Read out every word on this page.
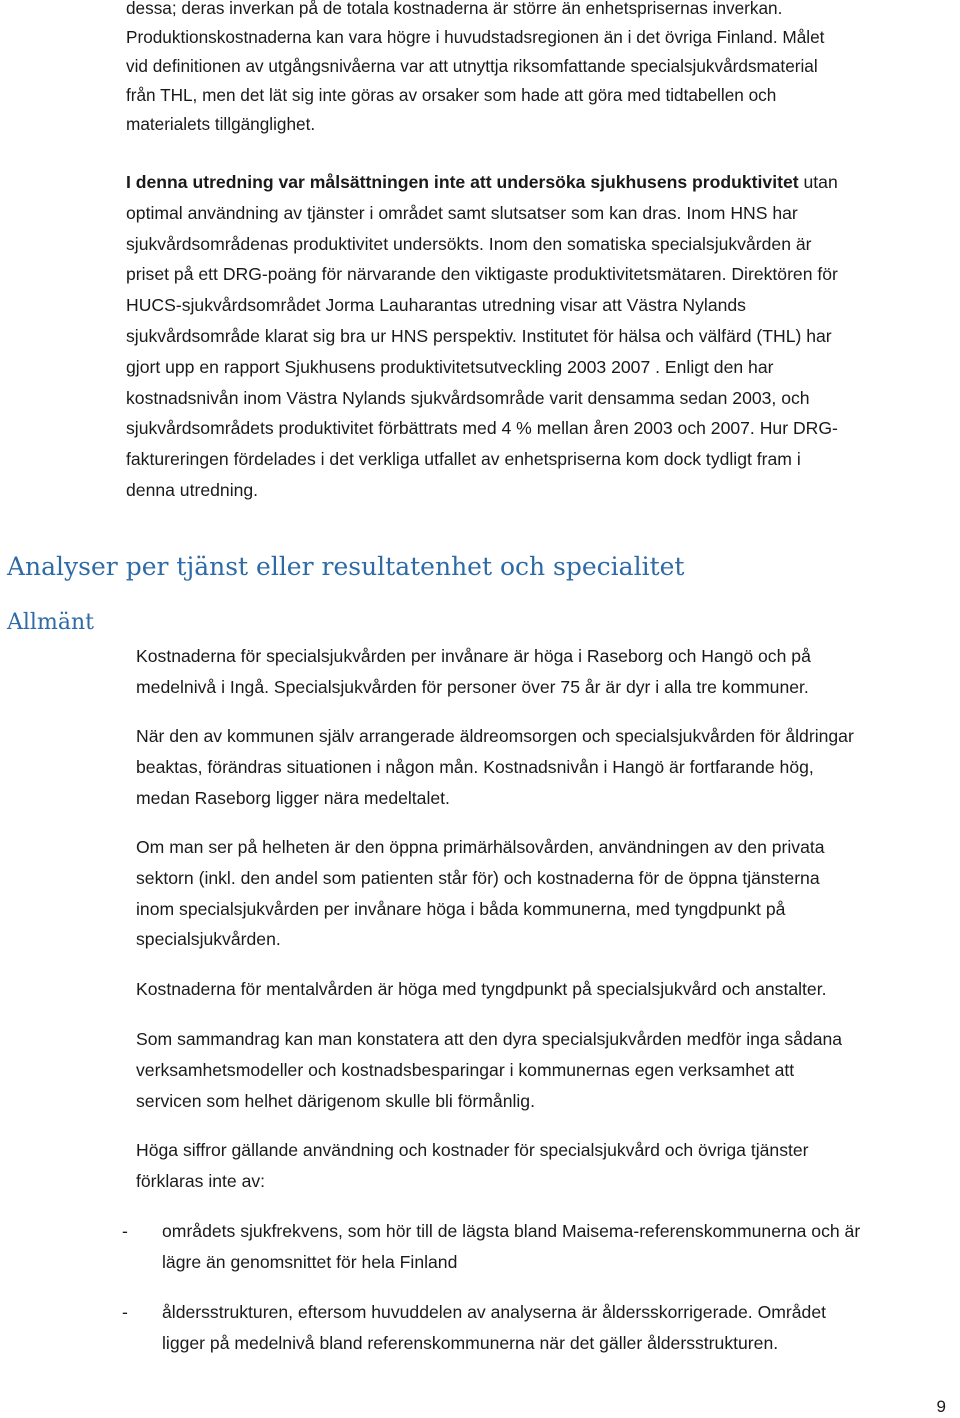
dessa; deras inverkan på de totala kostnaderna är större än enhetsprisernas inverkan.
Produktionskostnaderna kan vara högre i huvudstadsregionen än i det övriga Finland. Målet
vid definitionen av utgångsnivåerna var att utnyttja riksomfattande specialsjukvårdsmaterial
från THL, men det lät sig inte göras av orsaker som hade att göra med tidtabellen och
materialets tillgänglighet.

I denna utredning var målsättningen inte att undersöka sjukhusens produktivitet utan
optimal användning av tjänster i området samt slutsatser som kan dras. Inom HNS har
sjukvårdsområdenas produktivitet undersökts. Inom den somatiska specialsjukvården är
priset på ett DRG-poäng för närvarande den viktigaste produktivitetsmätaren. Direktören för
HUCS-sjukvårdsområdet Jorma Lauharantas utredning visar att Västra Nylands
sjukvårdsområde klarat sig bra ur HNS perspektiv. Institutet för hälsa och välfärd (THL) har
gjort upp en rapport Sjukhusens produktivitetsutveckling 2003 2007 . Enligt den har
kostnadsnivån inom Västra Nylands sjukvårdsområde varit densamma sedan 2003, och
sjukvårdsområdets produktivitet förbättrats med 4 % mellan åren 2003 och 2007. Hur DRG-
faktureringen fördelades i det verkliga utfallet av enhetspriserna kom dock tydligt fram i
denna utredning.

Analyser per tjänst eller resultatenhet och specialitet
Allmänt

Kostnaderna för specialsjukvården per invånare är höga i Raseborg och Hangö och på
medelnivå i Ingå. Specialsjukvården för personer över 75 år är dyr i alla tre kommuner.

När den av kommunen själv arrangerade äldreomsorgen och specialsjukvården för åldringar
beaktas, förändras situationen i någon mån. Kostnadsnivån i Hangö är fortfarande hög,
medan Raseborg ligger nära medeltalet.

Om man ser på helheten är den öppna primärhälsovården, användningen av den privata
sektorn (inkl. den andel som patienten står för) och kostnaderna för de öppna tjänsterna
inom specialsjukvården per invånare höga i båda kommunerna, med tyngdpunkt på
specialsjukvården.

Kostnaderna för mentalvården är höga med tyngdpunkt på specialsjukvård och anstalter.

Som sammandrag kan man konstatera att den dyra specialsjukvården medför inga sådana
verksamhetsmodeller och kostnadsbesparingar i kommunernas egen verksamhet att
servicen som helhet därigenom skulle bli förmånlig.

Höga siffror gällande användning och kostnader för specialsjukvård och övriga tjänster
förklaras inte av:

- områdets sjukfrekvens, som hör till de lägsta bland Maisema-referenskommunerna och är
lägre än genomsnittet för hela Finland
- åldersstrukturen, eftersom huvuddelen av analyserna är åldersskorrigerade. Området
ligger på medelnivå bland referenskommunerna när det gäller åldersstrukturen.
9
